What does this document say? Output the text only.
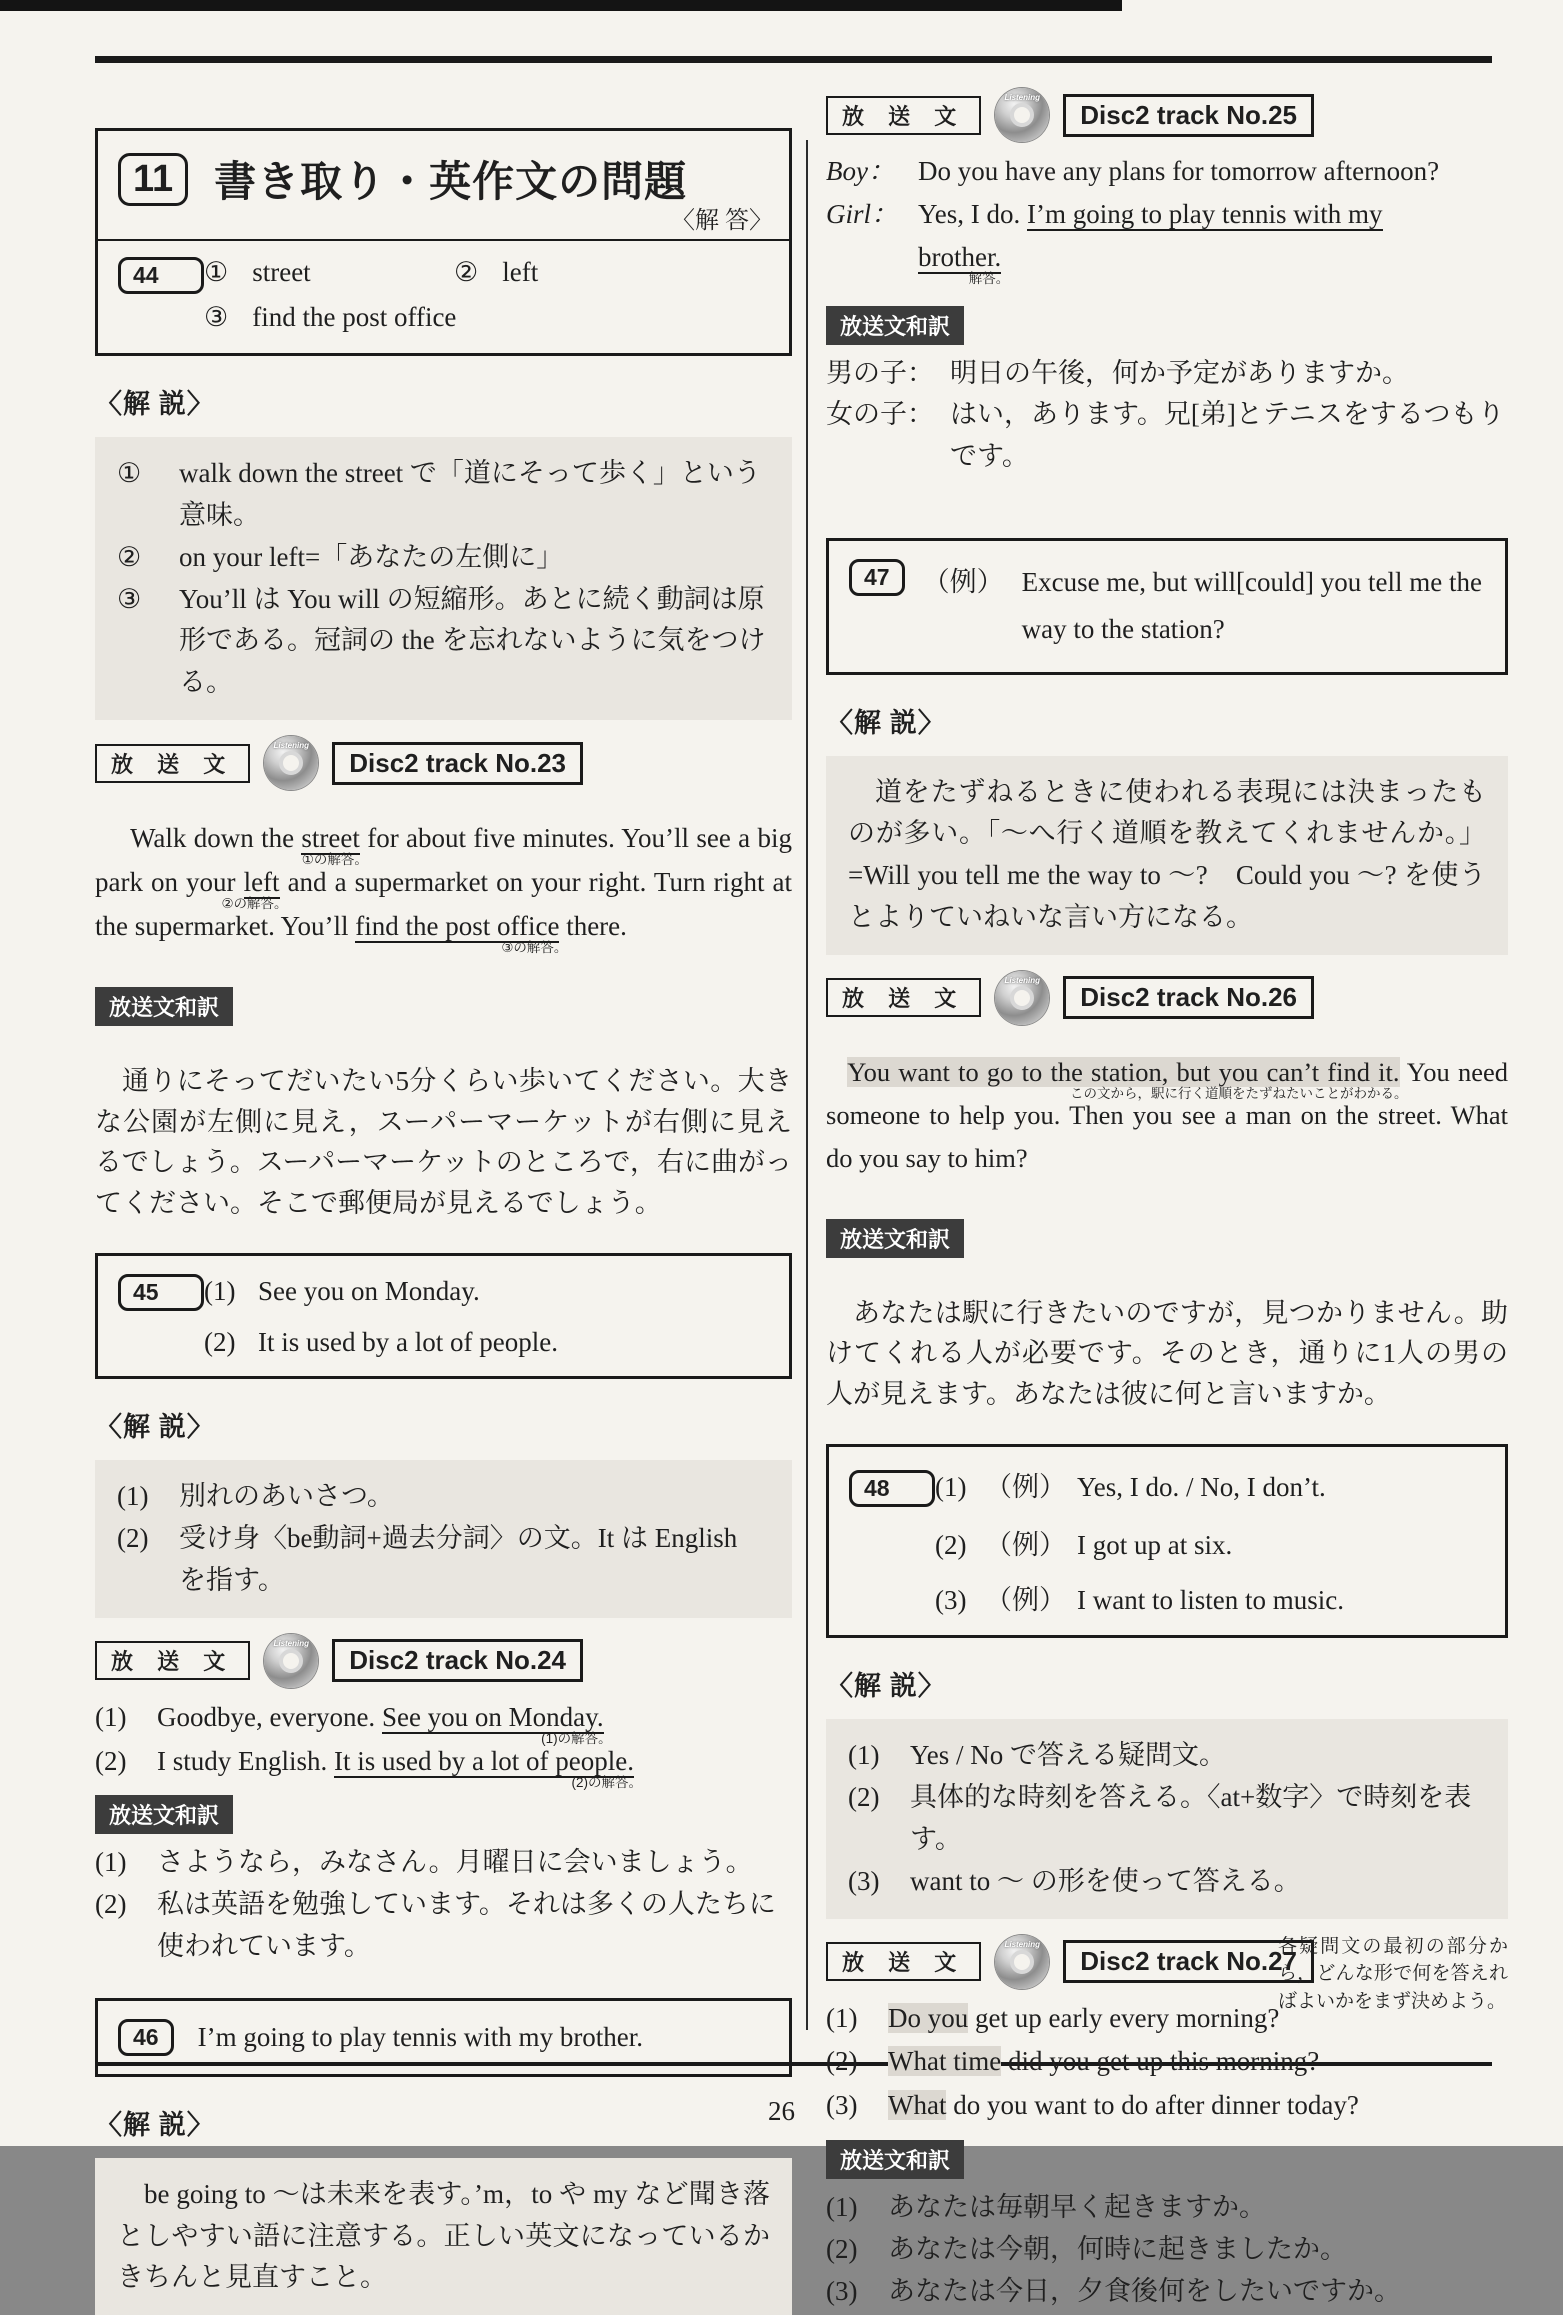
26
11 書き取り・英作文の問題
〈解 答〉
44	① street	② left
③ find the post office
〈解 説〉
①	walk down the street で「道にそって歩く」という意味。
②	on your left=「あなたの左側に」
③	You’ll は You will の短縮形。あとに続く動詞は原形である。冠詞の the を忘れないように気をつける。
放 送 文
Listening
Disc2 track No.23

Walk down the street
①の解答。
for about five minutes. You’ll see a big park on your left
②の解答。
and a supermarket on your right. Turn right at the supermarket. You’ll find the post office
③の解答。
there.

放送文和訳

通りにそってだいたい5分くらい歩いてください。大きな公園が左側に見え，スーパーマーケットが右側に見えるでしょう。スーパーマーケットのところで，右に曲がってください。そこで郵便局が見えるでしょう。

45	(1) See you on Monday.
(2) It is used by a lot of people.
〈解 説〉
(1)	別れのあいさつ。
(2)	受け身〈be動詞+過去分詞〉の文。It は English を指す。
放 送 文
Listening
Disc2 track No.24
(1)	Goodbye, everyone. See you on Monday.
(1)の解答。
(2)	I study English. It is used by a lot of people.
(2)の解答。
放送文和訳
(1)	さようなら，みなさん。月曜日に会いましょう。
(2)	私は英語を勉強しています。それは多くの人たちに使われています。
46	I’m going to play tennis with my brother.
〈解 説〉
be going to 〜は未来を表す。’m，to や my など聞き落としやすい語に注意する。正しい英文になっているかきちんと見直すこと。
放 送 文
Listening
Disc2 track No.25
Boy： Do you have any plans for tomorrow afternoon?
Girl： Yes, I do. I’m going to play tennis with my
brother.
解答。
放送文和訳
男の子： 明日の午後，何か予定がありますか。
女の子： はい，あります。兄[弟]とテニスをするつもりです。
47	（例） Excuse me, but will[could] you tell me the way to the station?
〈解 説〉
道をたずねるときに使われる表現には決まったものが多い。「〜へ行く道順を教えてくれませんか。」=Will you tell me the way to 〜?　Could you 〜? を使うとよりていねいな言い方になる。
放 送 文
Listening
Disc2 track No.26

You want to go to the station, but you can’t find it.
この文から，駅に行く道順をたずねたいことがわかる。
You need someone to help you. Then you see a man on the street. What do you say to him?

放送文和訳

あなたは駅に行きたいのですが，見つかりません。助けてくれる人が必要です。そのとき，通りに1人の男の人が見えます。あなたは彼に何と言いますか。

48	(1) （例） Yes, I do. / No, I don’t.
(2) （例） I got up at six.
(3) （例） I want to listen to music.
〈解 説〉
(1)	Yes / No で答える疑問文。
(2)	具体的な時刻を答える。〈at+数字〉で時刻を表す。
(3)	want to 〜 の形を使って答える。
放 送 文
Listening
Disc2 track No.27
各疑問文の最初の部分から，どんな形で何を答えればよいかをまず決めよう。
(1)	Do you get up early every morning?
(2)	What time did you get up this morning?
(3)	What do you want to do after dinner today?
放送文和訳
(1)	あなたは毎朝早く起きますか。
(2)	あなたは今朝，何時に起きましたか。
(3)	あなたは今日，夕食後何をしたいですか。
